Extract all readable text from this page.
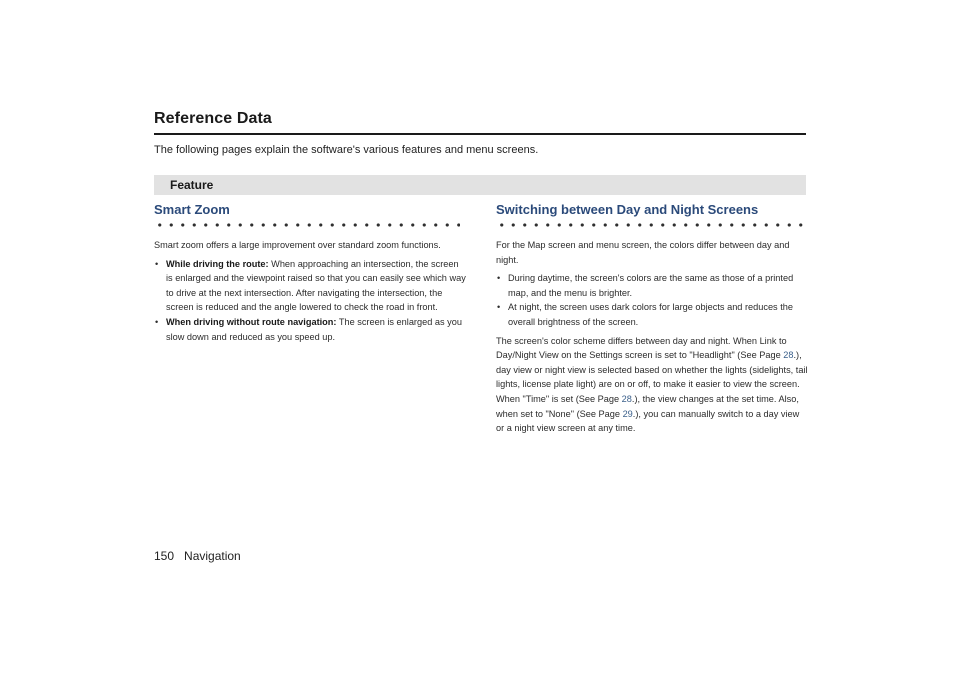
Reference Data
The following pages explain the software's various features and menu screens.
Feature
Smart Zoom

Smart zoom offers a large improvement over standard zoom functions.

• While driving the route: When approaching an intersection, the screen is enlarged and the viewpoint raised so that you can easily see which way to drive at the next intersection. After navigating the intersection, the screen is reduced and the angle lowered to check the road in front.
• When driving without route navigation: The screen is enlarged as you slow down and reduced as you speed up.
Switching between Day and Night Screens

For the Map screen and menu screen, the colors differ between day and night.

• During daytime, the screen's colors are the same as those of a printed map, and the menu is brighter.
• At night, the screen uses dark colors for large objects and reduces the overall brightness of the screen.

The screen's color scheme differs between day and night. When Link to Day/Night View on the Settings screen is set to "Headlight" (See Page 28.), day view or night view is selected based on whether the lights (sidelights, tail lights, license plate light) are on or off, to make it easier to view the screen. When "Time" is set (See Page 28.), the view changes at the set time. Also, when set to "None" (See Page 29.), you can manually switch to a day view or a night view screen at any time.

150 Navigation
